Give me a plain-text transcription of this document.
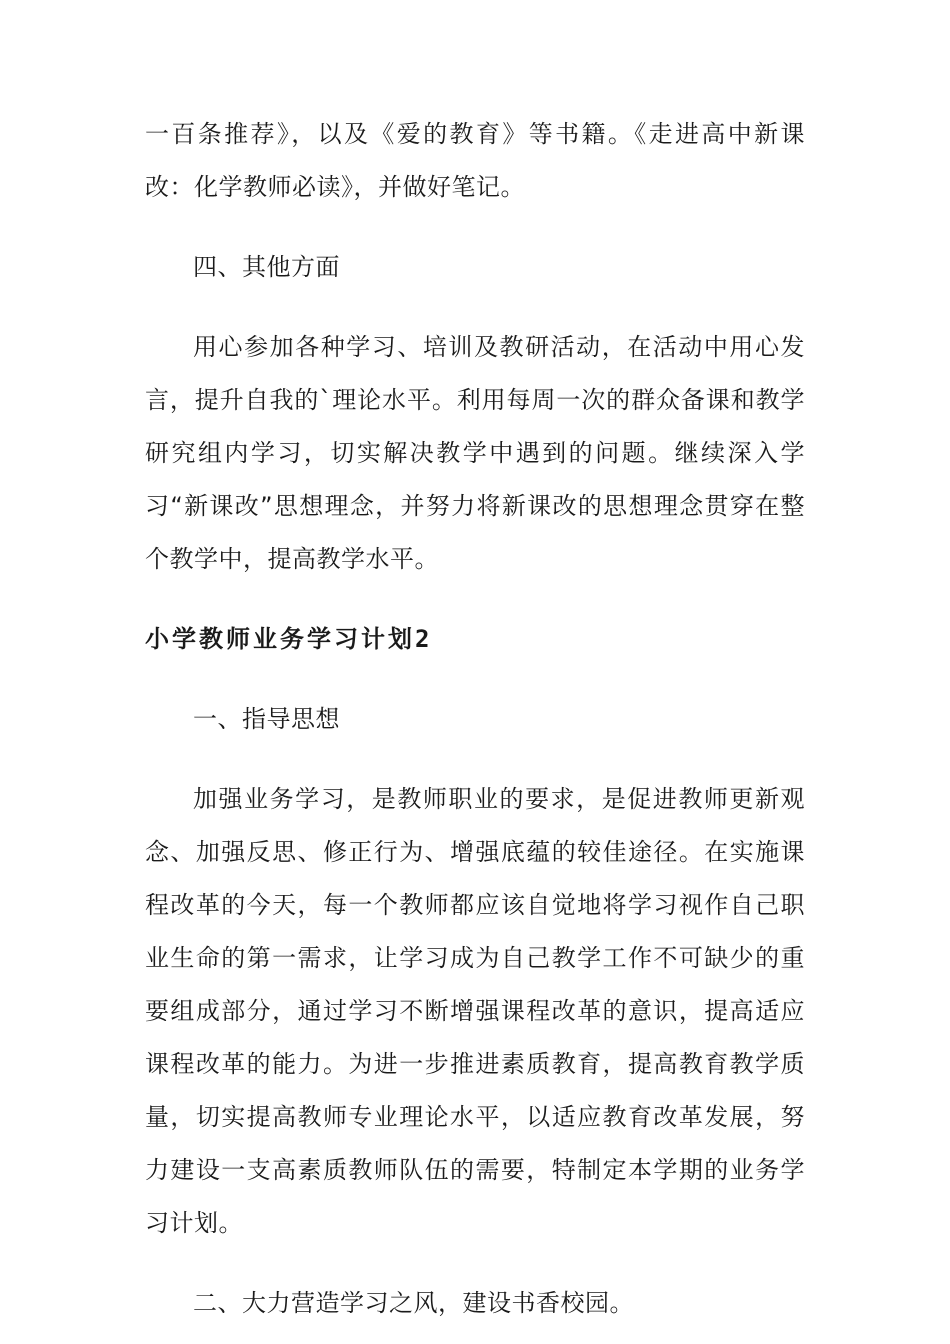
一百条推荐》，以及《爱的教育》等书籍。《走进高中新课改：化学教师必读》，并做好笔记。

四、其他方面

用心参加各种学习、培训及教研活动，在活动中用心发言，提升自我的`理论水平。利用每周一次的群众备课和教学研究组内学习，切实解决教学中遇到的问题。继续深入学习“新课改”思想理念，并努力将新课改的思想理念贯穿在整个教学中，提高教学水平。

小学教师业务学习计划2

一、指导思想

加强业务学习，是教师职业的要求，是促进教师更新观念、加强反思、修正行为、增强底蕴的较佳途径。在实施课程改革的今天，每一个教师都应该自觉地将学习视作自己职业生命的第一需求，让学习成为自己教学工作不可缺少的重要组成部分，通过学习不断增强课程改革的意识，提高适应课程改革的能力。为进一步推进素质教育，提高教育教学质量，切实提高教师专业理论水平，以适应教育改革发展，努力建设一支高素质教师队伍的需要，特制定本学期的业务学习计划。

二、大力营造学习之风，建设书香校园。
